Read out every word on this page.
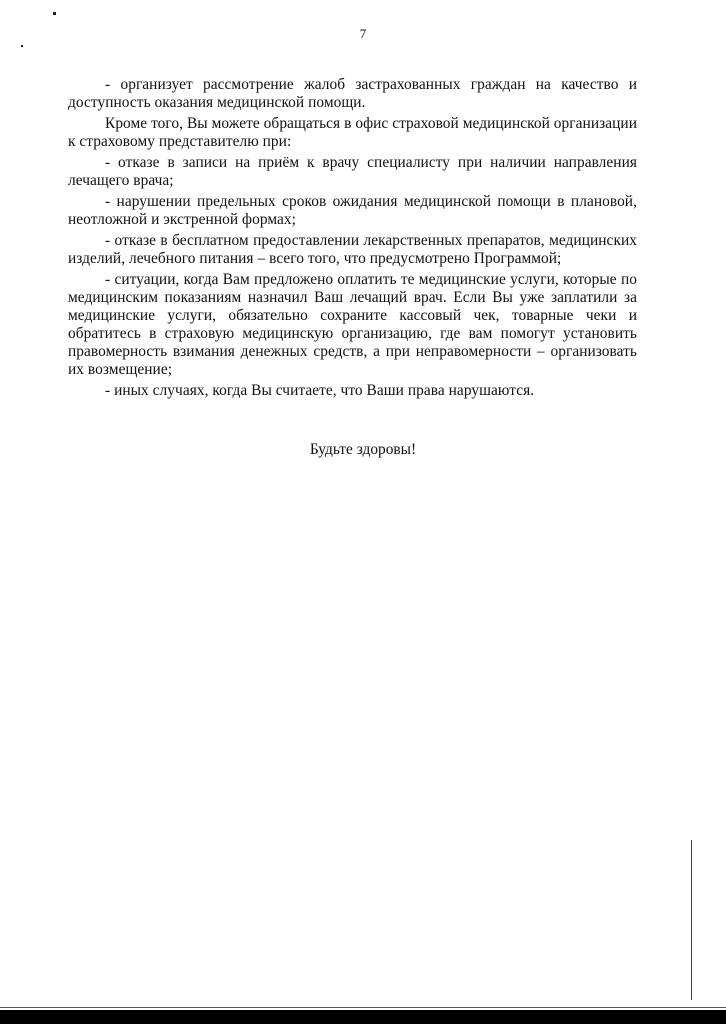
7

- организует рассмотрение жалоб застрахованных граждан на качество и доступность оказания медицинской помощи.

Кроме того, Вы можете обращаться в офис страховой медицинской организации к страховому представителю при:

- отказе в записи на приём к врачу специалисту при наличии направления лечащего врача;

- нарушении предельных сроков ожидания медицинской помощи в плановой, неотложной и экстренной формах;

- отказе в бесплатном предоставлении лекарственных препаратов, медицинских изделий, лечебного питания – всего того, что предусмотрено Программой;

- ситуации, когда Вам предложено оплатить те медицинские услуги, которые по медицинским показаниям назначил Ваш лечащий врач. Если Вы уже заплатили за медицинские услуги, обязательно сохраните кассовый чек, товарные чеки и обратитесь в страховую медицинскую организацию, где вам помогут установить правомерность взимания денежных средств, а при неправомерности – организовать их возмещение;

- иных случаях, когда Вы считаете, что Ваши права нарушаются.

Будьте здоровы!
